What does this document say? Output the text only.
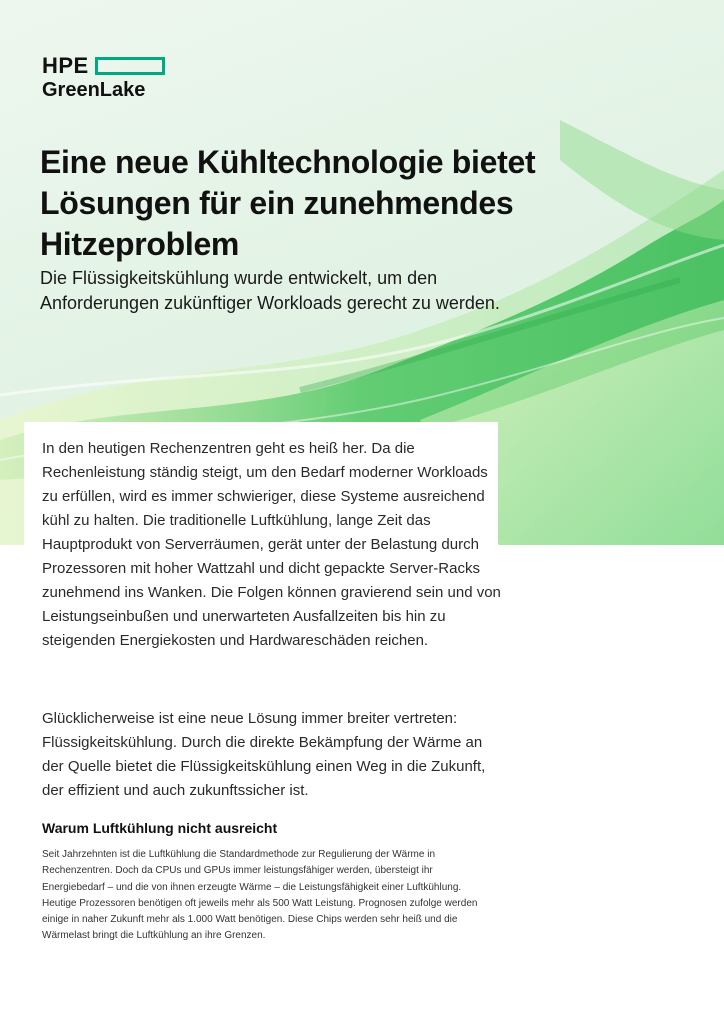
HPE
GreenLake
Eine neue Kühltechnologie bietet Lösungen für ein zunehmendes Hitzeproblem

Die Flüssigkeitskühlung wurde entwickelt, um den Anforderungen zukünftiger Workloads gerecht zu werden.

In den heutigen Rechenzentren geht es heiß her. Da die Rechenleistung ständig steigt, um den Bedarf moderner Workloads zu erfüllen, wird es immer schwieriger, diese Systeme ausreichend kühl zu halten. Die traditionelle Luftkühlung, lange Zeit das Hauptprodukt von Serverräumen, gerät unter der Belastung durch Prozessoren mit hoher Wattzahl und dicht gepackte Server-Racks zunehmend ins Wanken. Die Folgen können gravierend sein und von Leistungseinbußen und unerwarteten Ausfallzeiten bis hin zu steigenden Energiekosten und Hardwareschäden reichen.

Glücklicherweise ist eine neue Lösung immer breiter vertreten: Flüssigkeitskühlung. Durch die direkte Bekämpfung der Wärme an der Quelle bietet die Flüssigkeitskühlung einen Weg in die Zukunft, der effizient und auch zukunftssicher ist.

Warum Luftkühlung nicht ausreicht

Seit Jahrzehnten ist die Luftkühlung die Standardmethode zur Regulierung der Wärme in Rechenzentren. Doch da CPUs und GPUs immer leistungsfähiger werden, übersteigt ihr Energiebedarf – und die von ihnen erzeugte Wärme – die Leistungsfähigkeit einer Luftkühlung. Heutige Prozessoren benötigen oft jeweils mehr als 500 Watt Leistung. Prognosen zufolge werden einige in naher Zukunft mehr als 1.000 Watt benötigen. Diese Chips werden sehr heiß und die Wärmelast bringt die Luftkühlung an ihre Grenzen.
